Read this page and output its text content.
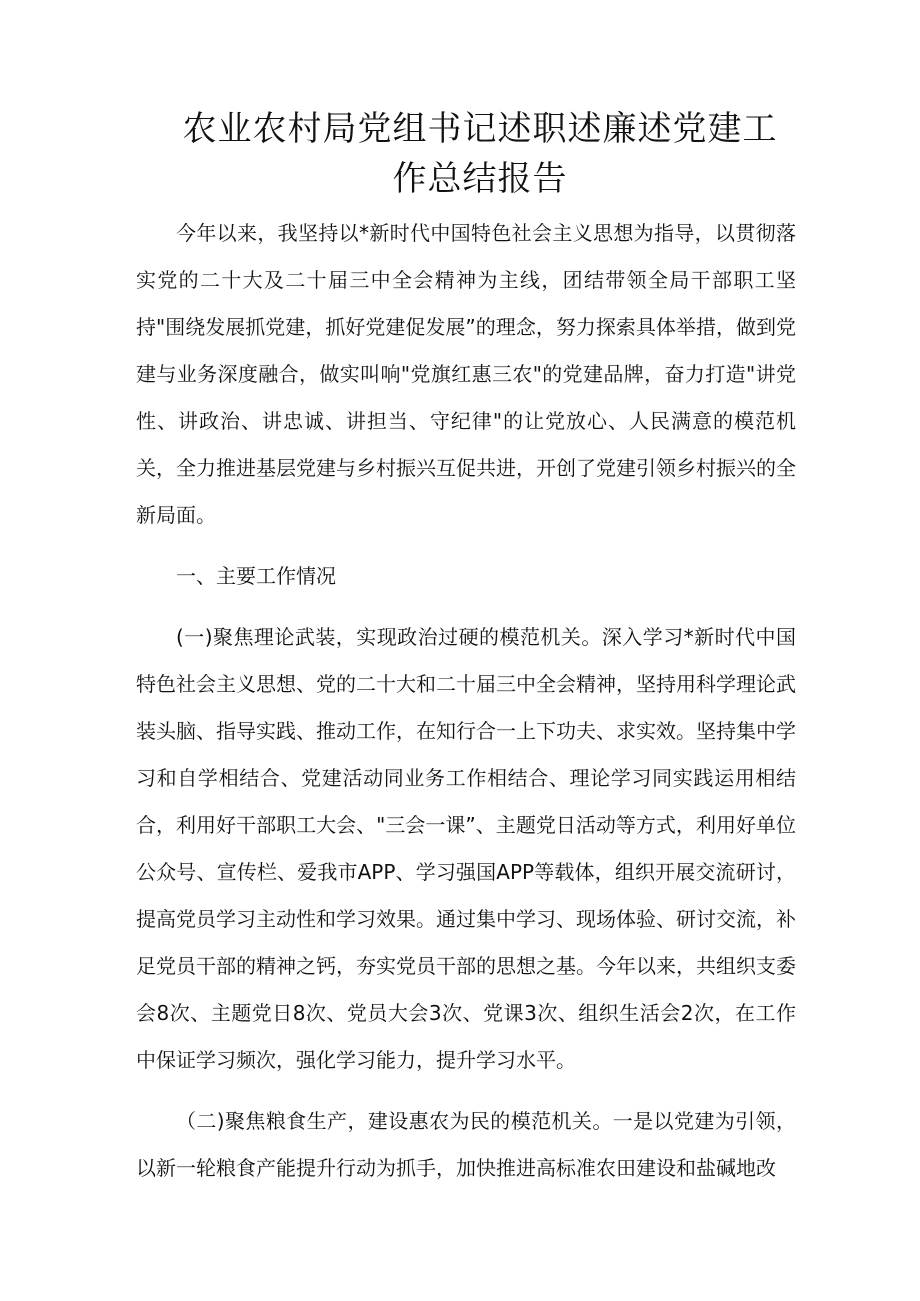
农业农村局党组书记述职述廉述党建工
作总结报告

今年以来，我坚持以*新时代中国特色社会主义思想为指导，以贯彻落实党的二十大及二十届三中全会精神为主线，团结带领全局干部职工坚持"围绕发展抓党建，抓好党建促发展”的理念，努力探索具体举措，做到党建与业务深度融合，做实叫响"党旗红惠三农"的党建品牌，奋力打造"讲党性、讲政治、讲忠诚、讲担当、守纪律"的让党放心、人民满意的模范机关，全力推进基层党建与乡村振兴互促共进，开创了党建引领乡村振兴的全新局面。

一、主要工作情况

(一)聚焦理论武装，实现政治过硬的模范机关。深入学习*新时代中国特色社会主义思想、党的二十大和二十届三中全会精神，坚持用科学理论武装头脑、指导实践、推动工作，在知行合一上下功夫、求实效。坚持集中学习和自学相结合、党建活动同业务工作相结合、理论学习同实践运用相结合，利用好干部职工大会、"三会一课”、主题党日活动等方式，利用好单位公众号、宣传栏、爱我市APP、学习强国APP等载体，组织开展交流研讨，提高党员学习主动性和学习效果。通过集中学习、现场体验、研讨交流，补足党员干部的精神之钙，夯实党员干部的思想之基。今年以来，共组织支委会8次、主题党日8次、党员大会3次、党课3次、组织生活会2次，在工作中保证学习频次，强化学习能力，提升学习水平。

（二)聚焦粮食生产，建设惠农为民的模范机关。一是以党建为引领，以新一轮粮食产能提升行动为抓手，加快推进高标准农田建设和盐碱地改
